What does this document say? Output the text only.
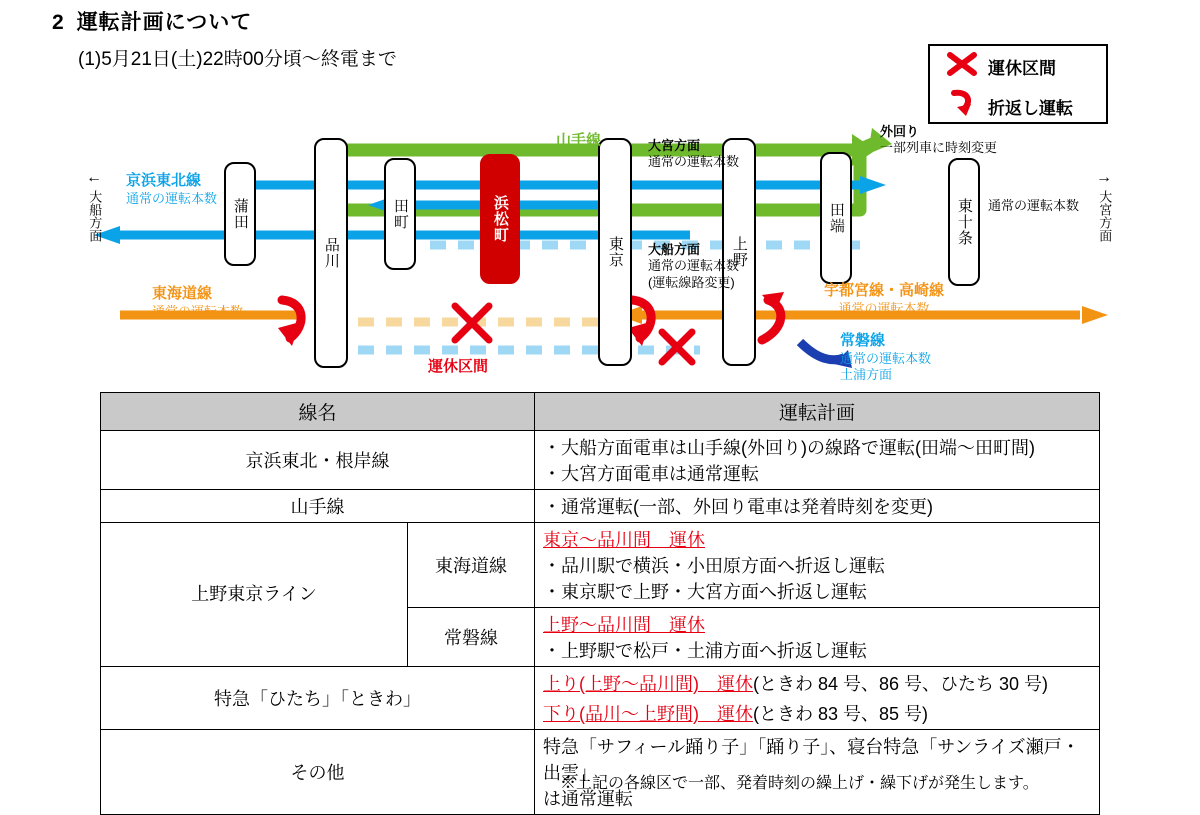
2 運転計画について
(1)5月21日(土)22時00分頃～終電まで	運休区間
折返し運転
蒲田
品川
田町	浜松町
東京	上野
田端	東十条
京浜東北線
通常の運転本数
東海道線
通常の運転本数
山手線	大宮方面
通常の運転本数
大船方面
通常の運転本数
(運転線路変更)	宇都宮線・高崎線
通常の運転本数
常磐線
通常の運転本数
土浦方面
外回り
一部列車に時刻変更
通常の運転本数
運休区間
大船方面
←
大宮方面
→
線名		運転計画
京浜東北・根岸線		・大船方面電車は山手線(外回り)の線路で運転(田端～田町間)
・大宮方面電車は通常運転

山手線		・通常運転(一部、外回り電車は発着時刻を変更)

上野東京ライン	東海道線	東京～品川間　運休
・品川駅で横浜・小田原方面へ折返し運転
・東京駅で上野・大宮方面へ折返し運転

	常磐線	上野～品川間　運休
・上野駅で松戸・土浦方面へ折返し運転

特急「ひたち」「ときわ」		上り(上野～品川間)　運休(ときわ 84 号、86 号、ひたち 30 号)
下り(品川～上野間)　運休(ときわ 83 号、85 号)

その他		特急「サフィール踊り子」「踊り子」、寝台特急「サンライズ瀬戸・出雲」
は通常運転
※上記の各線区で一部、発着時刻の繰上げ・繰下げが発生します。
